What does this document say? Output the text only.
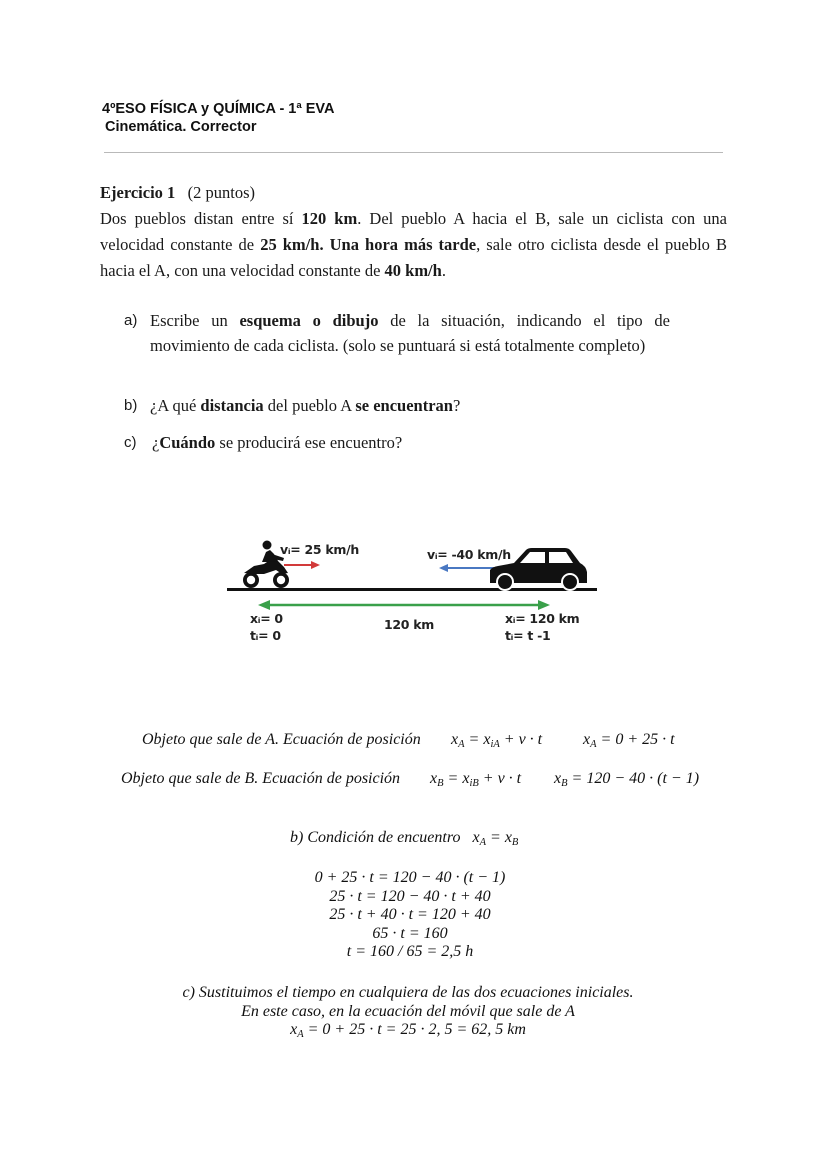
4ºESO FÍSICA y QUÍMICA - 1ª EVA
Cinemática. Corrector
Ejercicio 1 (2 puntos)
Dos pueblos distan entre sí 120 km. Del pueblo A hacia el B, sale un ciclista con una velocidad constante de 25 km/h. Una hora más tarde, sale otro ciclista desde el pueblo B hacia el A, con una velocidad constante de 40 km/h.
a) Escribe un esquema o dibujo de la situación, indicando el tipo de movimiento de cada ciclista. (solo se puntuará si está totalmente completo)
b) ¿A qué distancia del pueblo A se encuentran?
c) ¿Cuándo se producirá ese encuentro?
vᵢ= 25 km/h	vᵢ= -40 km/h
xᵢ= 0
tᵢ= 0
120 km	xᵢ= 120 km
tᵢ= t -1
Objeto que sale de A. Ecuación de posición $x_A = x_{iA} + v \cdot t$	$x_A = 0 + 25 \cdot t$
Objeto que sale de B. Ecuación de posición $x_B = x_{iB} + v \cdot t$ $x_B = 120 - 40 \cdot (t - 1)$
b) Condición de encuentro $x_A = x_B$
0 + 25 · t = 120 − 40 · (t − 1)
25 · t = 120 − 40 · t + 40
25 · t + 40 · t = 120 + 40
65 · t = 160
t = 160 / 65 = 2,5 h
c) Sustituimos el tiempo en cualquiera de las dos ecuaciones iniciales.
En este caso, en la ecuación del móvil que sale de A
$x_A = 0 + 25 \cdot t = 25 \cdot 2$, 5 = 62, 5 km
